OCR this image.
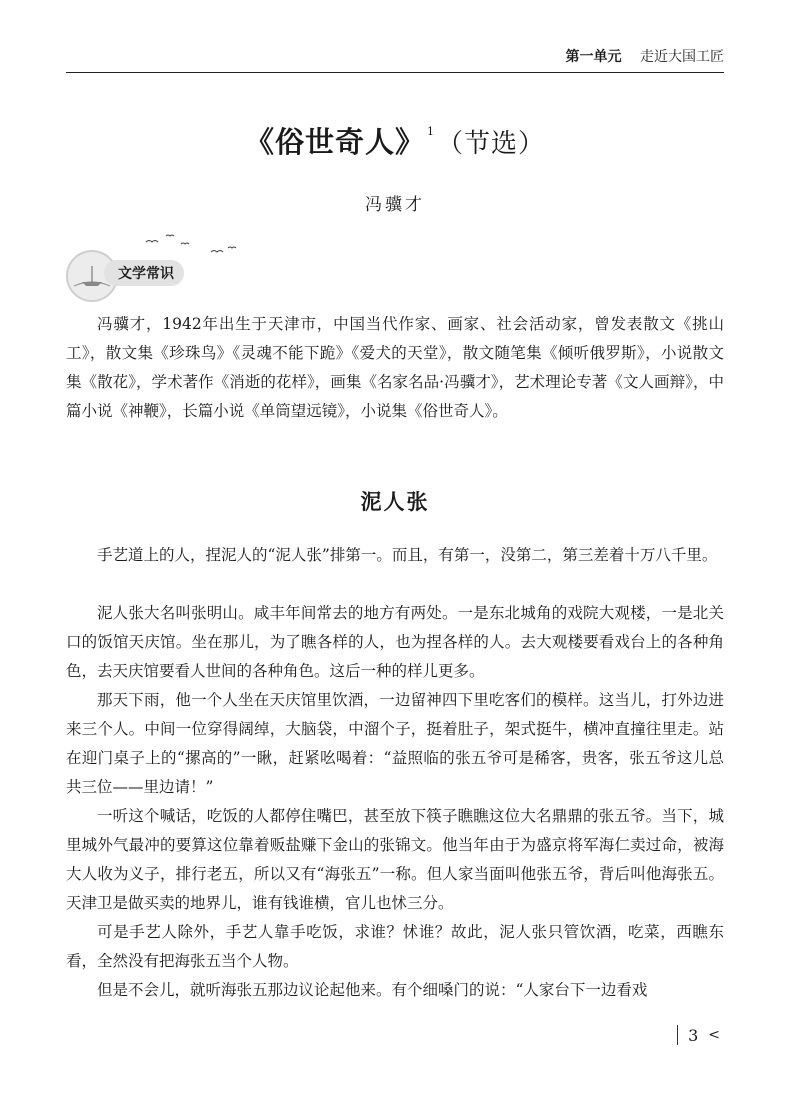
第一单元 走近大国工匠
《俗世奇人》 $^1$（节选）
冯骥才
文学常识

冯骥才，1942年出生于天津市，中国当代作家、画家、社会活动家，曾发表散文《挑山工》，散文集《珍珠鸟》《灵魂不能下跪》《爱犬的天堂》，散文随笔集《倾听俄罗斯》，小说散文集《散花》，学术著作《消逝的花样》，画集《名家名品·冯骥才》，艺术理论专著《文人画辩》，中篇小说《神鞭》，长篇小说《单筒望远镜》，小说集《俗世奇人》。

泥人张

手艺道上的人，捏泥人的“泥人张”排第一。而且，有第一，没第二，第三差着十万八千里。

泥人张大名叫张明山。咸丰年间常去的地方有两处。一是东北城角的戏院大观楼，一是北关口的饭馆天庆馆。坐在那儿，为了瞧各样的人，也为捏各样的人。去大观楼要看戏台上的各种角色，去天庆馆要看人世间的各种角色。这后一种的样儿更多。

那天下雨，他一个人坐在天庆馆里饮酒，一边留神四下里吃客们的模样。这当儿，打外边进来三个人。中间一位穿得阔绰，大脑袋，中溜个子，挺着肚子，架式挺牛，横冲直撞往里走。站在迎门桌子上的“摞高的”一瞅，赶紧吆喝着：“益照临的张五爷可是稀客，贵客，张五爷这儿总共三位——里边请！”

一听这个喊话，吃饭的人都停住嘴巴，甚至放下筷子瞧瞧这位大名鼎鼎的张五爷。当下，城里城外气最冲的要算这位靠着贩盐赚下金山的张锦文。他当年由于为盛京将军海仁卖过命，被海大人收为义子，排行老五，所以又有“海张五”一称。但人家当面叫他张五爷，背后叫他海张五。天津卫是做买卖的地界儿，谁有钱谁横，官儿也怵三分。

可是手艺人除外，手艺人靠手吃饭，求谁？怵谁？故此，泥人张只管饮酒，吃菜，西瞧东看，全然没有把海张五当个人物。

但是不会儿，就听海张五那边议论起他来。有个细嗓门的说：“人家台下一边看戏

3 <
